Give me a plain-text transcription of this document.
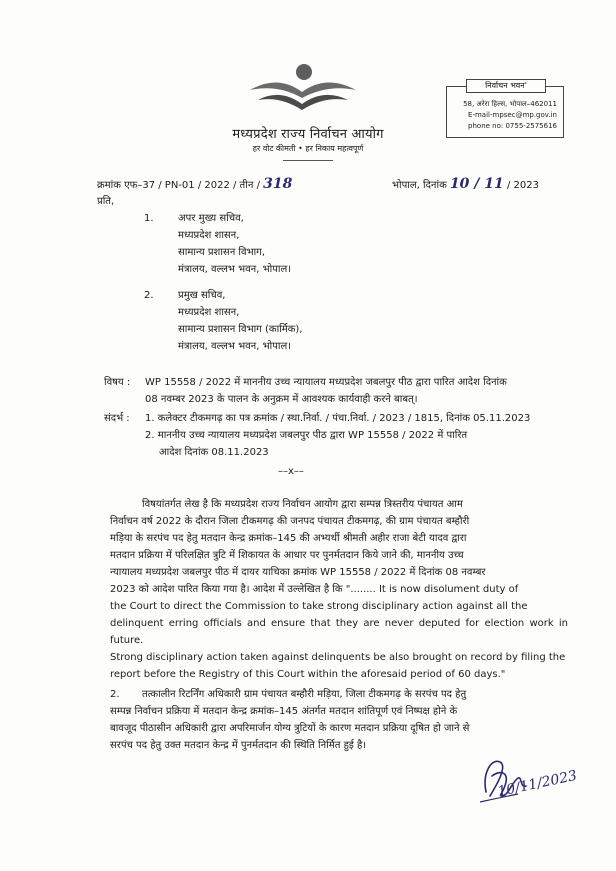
मध्यप्रदेश राज्य निर्वाचन आयोग
हर वोट कीमती • हर निकाय महत्वपूर्ण
58, अरेरा हिल्स, भोपाल–462011
E-mail-mpsec@mp.gov.in
phone no: 0755-2575616
निर्वाचन भवन'
क्रमांक एफ–37 / PN-01 / 2022 / तीन / 318	भोपाल, दिनांक 10 / 11 / 2023
प्रति,
1. अपर मुख्य सचिव,
मध्यप्रदेश शासन,
सामान्य प्रशासन विभाग,
मंत्रालय, वल्लभ भवन, भोपाल।
2. प्रमुख सचिव,
मध्यप्रदेश शासन,
सामान्य प्रशासन विभाग (कार्मिक),
मंत्रालय, वल्लभ भवन, भोपाल।
विषय :	WP 15558 / 2022 में माननीय उच्च न्यायालय मध्यप्रदेश जबलपुर पीठ द्वारा पारित आदेश दिनांक
08 नवम्बर 2023 के पालन के अनुक्रम में आवश्यक कार्यवाही करने बाबत्।
संदर्भ :	1. कलेक्टर टीकमगढ़ का पत्र क्रमांक / स्था.निर्वा. / पंचा.निर्वा. / 2023 / 1815, दिनांक 05.11.2023
2. माननीय उच्च न्यायालय मध्यप्रदेश जबलपुर पीठ द्वारा WP 15558 / 2022 में पारित
आदेश दिनांक 08.11.2023
––x––
विषयांतर्गत लेख है कि मध्यप्रदेश राज्य निर्वाचन आयोग द्वारा सम्पन्न त्रिस्तरीय पंचायत आम
निर्वाचन वर्ष 2022 के दौरान जिला टीकमगढ़ की जनपद पंचायत टीकमगढ़, की ग्राम पंचायत बम्हौरी
मड़िया के सरपंच पद हेतु मतदान केन्द्र क्रमांक–145 की अभ्यर्थी श्रीमती अहीर राजा बेटी यादव द्वारा
मतदान प्रक्रिया में परिलक्षित त्रुटि में शिकायत के आधार पर पुनर्मतदान किये जाने की, माननीय उच्च
न्यायालय मध्यप्रदेश जबलपुर पीठ में दायर याचिका क्रमांक WP 15558 / 2022 में दिनांक 08 नवम्बर
2023 को आदेश पारित किया गया है। आदेश में उल्लेखित है कि "........ It is now disolument duty of
the Court to direct the Commission to take strong disciplinary action against all the
delinquent erring officials and ensure that they are never deputed for election work in future.
Strong disciplinary action taken against delinquents be also brought on record by filing the
report before the Registry of this Court within the aforesaid period of 60 days."
2.	तत्कालीन रिटर्निंग अधिकारी ग्राम पंचायत बम्हौरी मड़िया, जिला टीकमगढ़ के सरपंच पद हेतु
सम्पन्न निर्वाचन प्रक्रिया में मतदान केन्द्र क्रमांक–145 अंतर्गत मतदान शांतिपूर्ण एवं निष्पक्ष होने के
बावजूद पीठासीन अधिकारी द्वारा अपरिमार्जन योग्य त्रुटियों के कारण मतदान प्रक्रिया दूषित हो जाने से
सरपंच पद हेतु उक्त मतदान केन्द्र में पुनर्मतदान की स्थिति निर्मित हुई है।
10/11/2023
